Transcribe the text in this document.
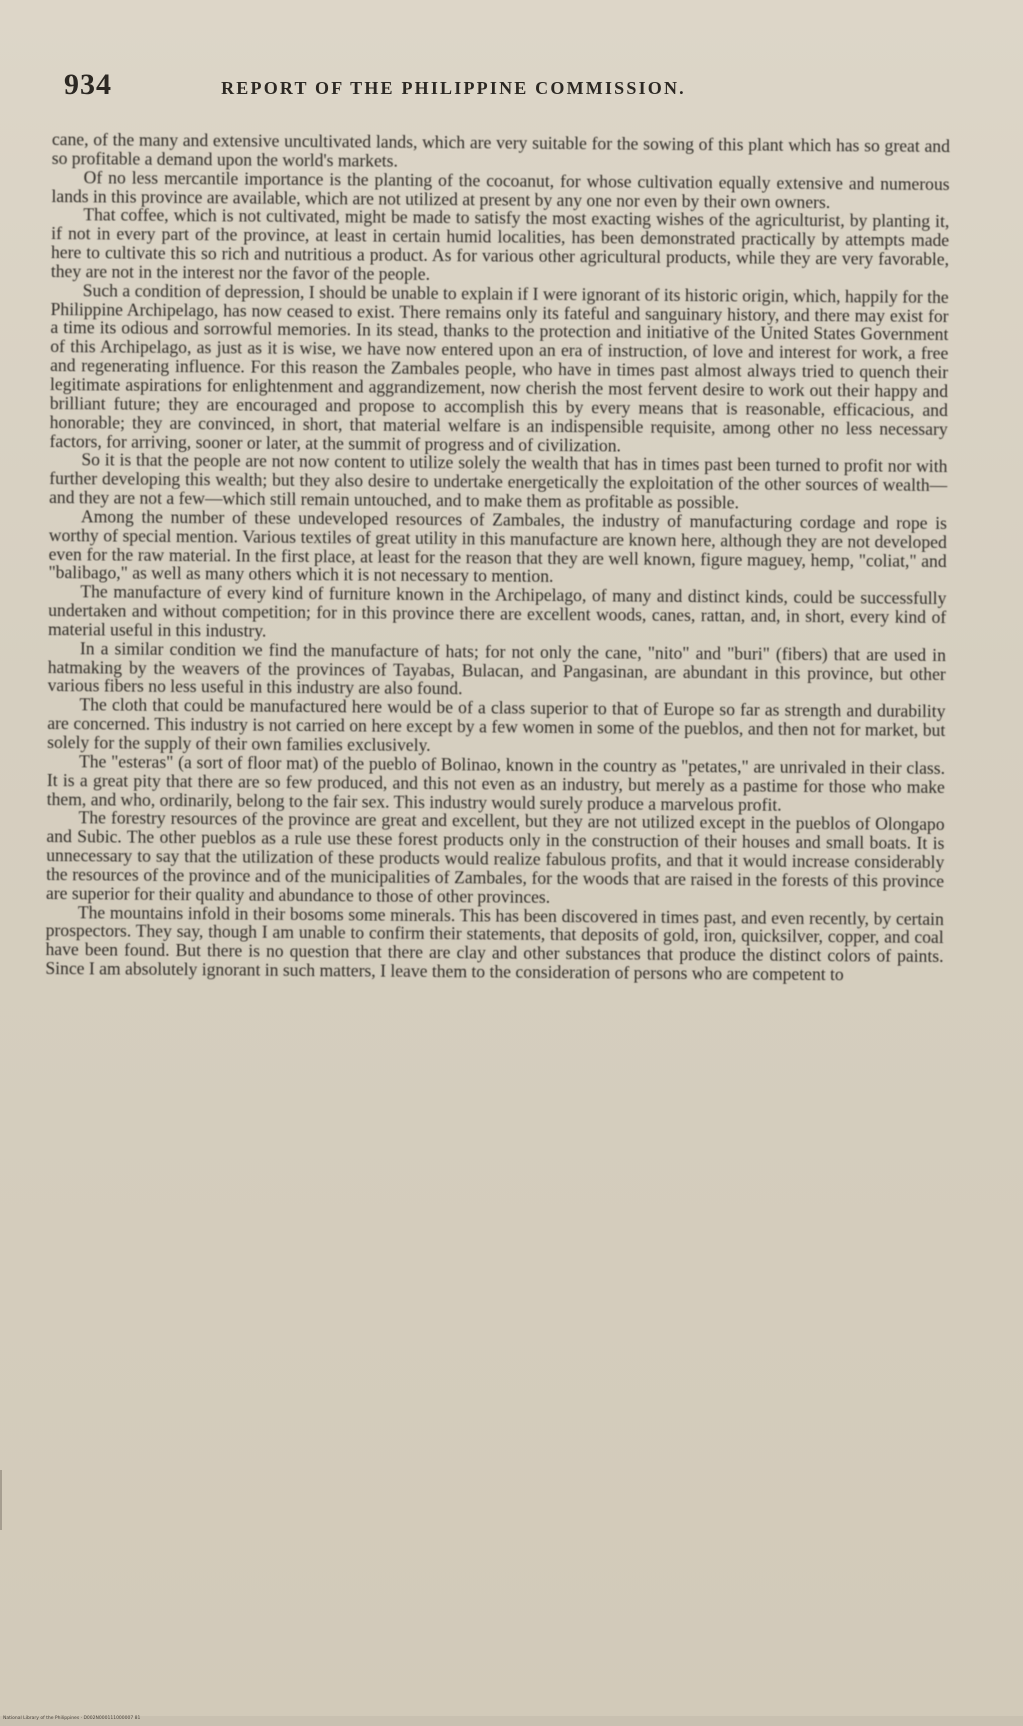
934	REPORT OF THE PHILIPPINE COMMISSION.

cane, of the many and extensive uncultivated lands, which are very suitable for the sowing of this plant which has so great and so profitable a demand upon the world's markets.

Of no less mercantile importance is the planting of the cocoanut, for whose cultivation equally extensive and numerous lands in this province are available, which are not utilized at present by any one nor even by their own owners.

That coffee, which is not cultivated, might be made to satisfy the most exacting wishes of the agriculturist, by planting it, if not in every part of the province, at least in certain humid localities, has been demonstrated practically by attempts made here to cultivate this so rich and nutritious a product. As for various other agricultural products, while they are very favorable, they are not in the interest nor the favor of the people.

Such a condition of depression, I should be unable to explain if I were ignorant of its historic origin, which, happily for the Philippine Archipelago, has now ceased to exist. There remains only its fateful and sanguinary history, and there may exist for a time its odious and sorrowful memories. In its stead, thanks to the protection and initiative of the United States Government of this Archipelago, as just as it is wise, we have now entered upon an era of instruction, of love and interest for work, a free and regenerating influence. For this reason the Zambales people, who have in times past almost always tried to quench their legitimate aspirations for enlightenment and aggrandizement, now cherish the most fervent desire to work out their happy and brilliant future; they are encouraged and propose to accomplish this by every means that is reasonable, efficacious, and honorable; they are convinced, in short, that material welfare is an indispensible requisite, among other no less necessary factors, for arriving, sooner or later, at the summit of progress and of civilization.

So it is that the people are not now content to utilize solely the wealth that has in times past been turned to profit nor with further developing this wealth; but they also desire to undertake energetically the exploitation of the other sources of wealth—and they are not a few—which still remain untouched, and to make them as profitable as possible.

Among the number of these undeveloped resources of Zambales, the industry of manufacturing cordage and rope is worthy of special mention. Various textiles of great utility in this manufacture are known here, although they are not developed even for the raw material. In the first place, at least for the reason that they are well known, figure maguey, hemp, "coliat," and "balibago," as well as many others which it is not necessary to mention.

The manufacture of every kind of furniture known in the Archipelago, of many and distinct kinds, could be successfully undertaken and without competition; for in this province there are excellent woods, canes, rattan, and, in short, every kind of material useful in this industry.

In a similar condition we find the manufacture of hats; for not only the cane, "nito" and "buri" (fibers) that are used in hatmaking by the weavers of the provinces of Tayabas, Bulacan, and Pangasinan, are abundant in this province, but other various fibers no less useful in this industry are also found.

The cloth that could be manufactured here would be of a class superior to that of Europe so far as strength and durability are concerned. This industry is not carried on here except by a few women in some of the pueblos, and then not for market, but solely for the supply of their own families exclusively.

The "esteras" (a sort of floor mat) of the pueblo of Bolinao, known in the country as "petates," are unrivaled in their class. It is a great pity that there are so few produced, and this not even as an industry, but merely as a pastime for those who make them, and who, ordinarily, belong to the fair sex. This industry would surely produce a marvelous profit.

The forestry resources of the province are great and excellent, but they are not utilized except in the pueblos of Olongapo and Subic. The other pueblos as a rule use these forest products only in the construction of their houses and small boats. It is unnecessary to say that the utilization of these products would realize fabulous profits, and that it would increase considerably the resources of the province and of the municipalities of Zambales, for the woods that are raised in the forests of this province are superior for their quality and abundance to those of other provinces.

The mountains infold in their bosoms some minerals. This has been discovered in times past, and even recently, by certain prospectors. They say, though I am unable to confirm their statements, that deposits of gold, iron, quicksilver, copper, and coal have been found. But there is no question that there are clay and other substances that produce the distinct colors of paints. Since I am absolutely ignorant in such matters, I leave them to the consideration of persons who are competent to

National Library of the Philippines · D002N000111000007 81
